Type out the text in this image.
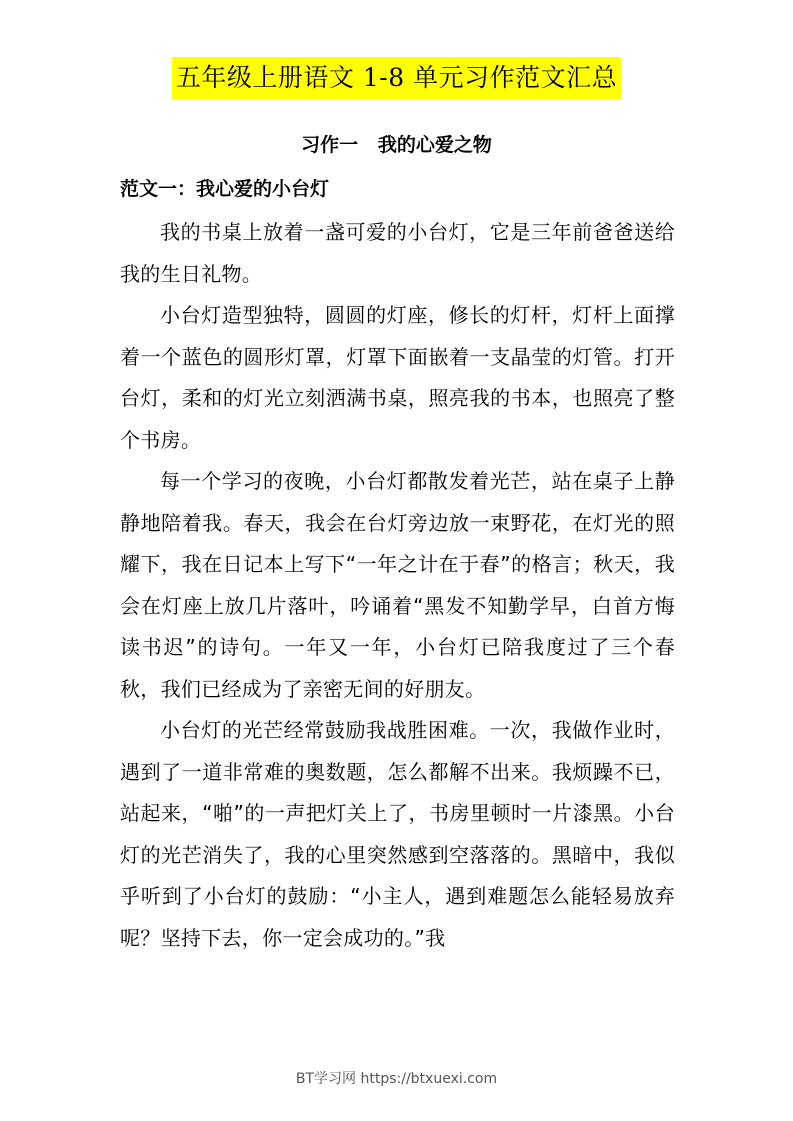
五年级上册语文 1-8 单元习作范文汇总
习作一   我的心爱之物
范文一：我心爱的小台灯

我的书桌上放着一盏可爱的小台灯，它是三年前爸爸送给我的生日礼物。

小台灯造型独特，圆圆的灯座，修长的灯杆，灯杆上面撑着一个蓝色的圆形灯罩，灯罩下面嵌着一支晶莹的灯管。打开台灯，柔和的灯光立刻洒满书桌，照亮我的书本，也照亮了整个书房。

每一个学习的夜晚，小台灯都散发着光芒，站在桌子上静静地陪着我。春天，我会在台灯旁边放一束野花，在灯光的照耀下，我在日记本上写下“一年之计在于春”的格言；秋天，我会在灯座上放几片落叶，吟诵着“黑发不知勤学早，白首方悔读书迟”的诗句。一年又一年，小台灯已陪我度过了三个春秋，我们已经成为了亲密无间的好朋友。

小台灯的光芒经常鼓励我战胜困难。一次，我做作业时，遇到了一道非常难的奥数题，怎么都解不出来。我烦躁不已，站起来，“啪”的一声把灯关上了，书房里顿时一片漆黑。小台灯的光芒消失了，我的心里突然感到空落落的。黑暗中，我似乎听到了小台灯的鼓励：“小主人，遇到难题怎么能轻易放弃呢？坚持下去，你一定会成功的。”我

BT学习网 https://btxuexi.com
